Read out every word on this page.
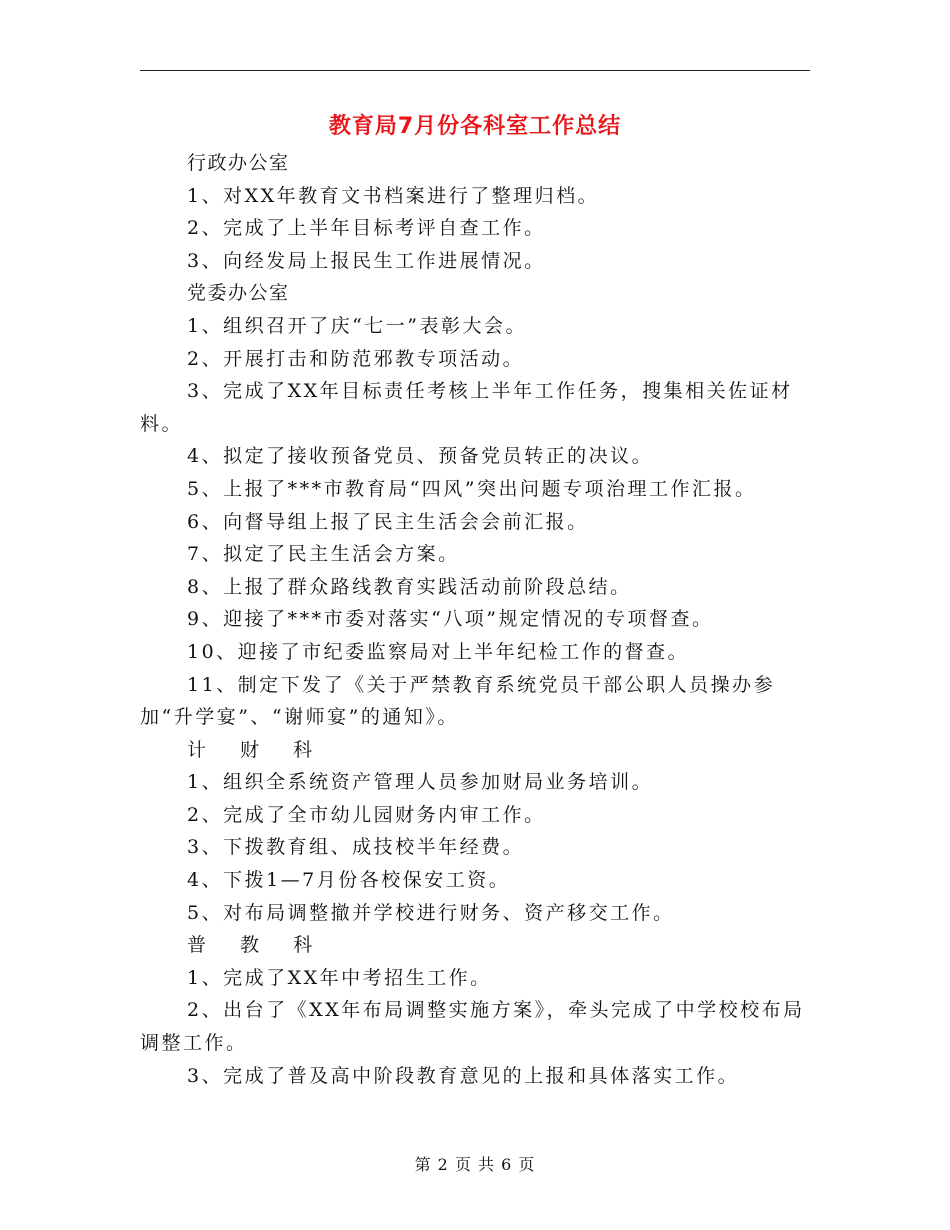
教育局7月份各科室工作总结

行政办公室

1、对XX年教育文书档案进行了整理归档。

2、完成了上半年目标考评自查工作。

3、向经发局上报民生工作进展情况。

党委办公室

1、组织召开了庆“七一”表彰大会。

2、开展打击和防范邪教专项活动。

3、完成了XX年目标责任考核上半年工作任务，搜集相关佐证材料。

4、拟定了接收预备党员、预备党员转正的决议。

5、上报了***市教育局“四风”突出问题专项治理工作汇报。

6、向督导组上报了民主生活会会前汇报。

7、拟定了民主生活会方案。

8、上报了群众路线教育实践活动前阶段总结。

9、迎接了***市委对落实“八项”规定情况的专项督查。

10、迎接了市纪委监察局对上半年纪检工作的督查。

11、制定下发了《关于严禁教育系统党员干部公职人员操办参加“升学宴”、“谢师宴”的通知》。

计 财 科

1、组织全系统资产管理人员参加财局业务培训。

2、完成了全市幼儿园财务内审工作。

3、下拨教育组、成技校半年经费。

4、下拨1—7月份各校保安工资。

5、对布局调整撤并学校进行财务、资产移交工作。

普 教 科

1、完成了XX年中考招生工作。

2、出台了《XX年布局调整实施方案》，牵头完成了中学校校布局调整工作。

3、完成了普及高中阶段教育意见的上报和具体落实工作。

第 2 页 共 6 页
